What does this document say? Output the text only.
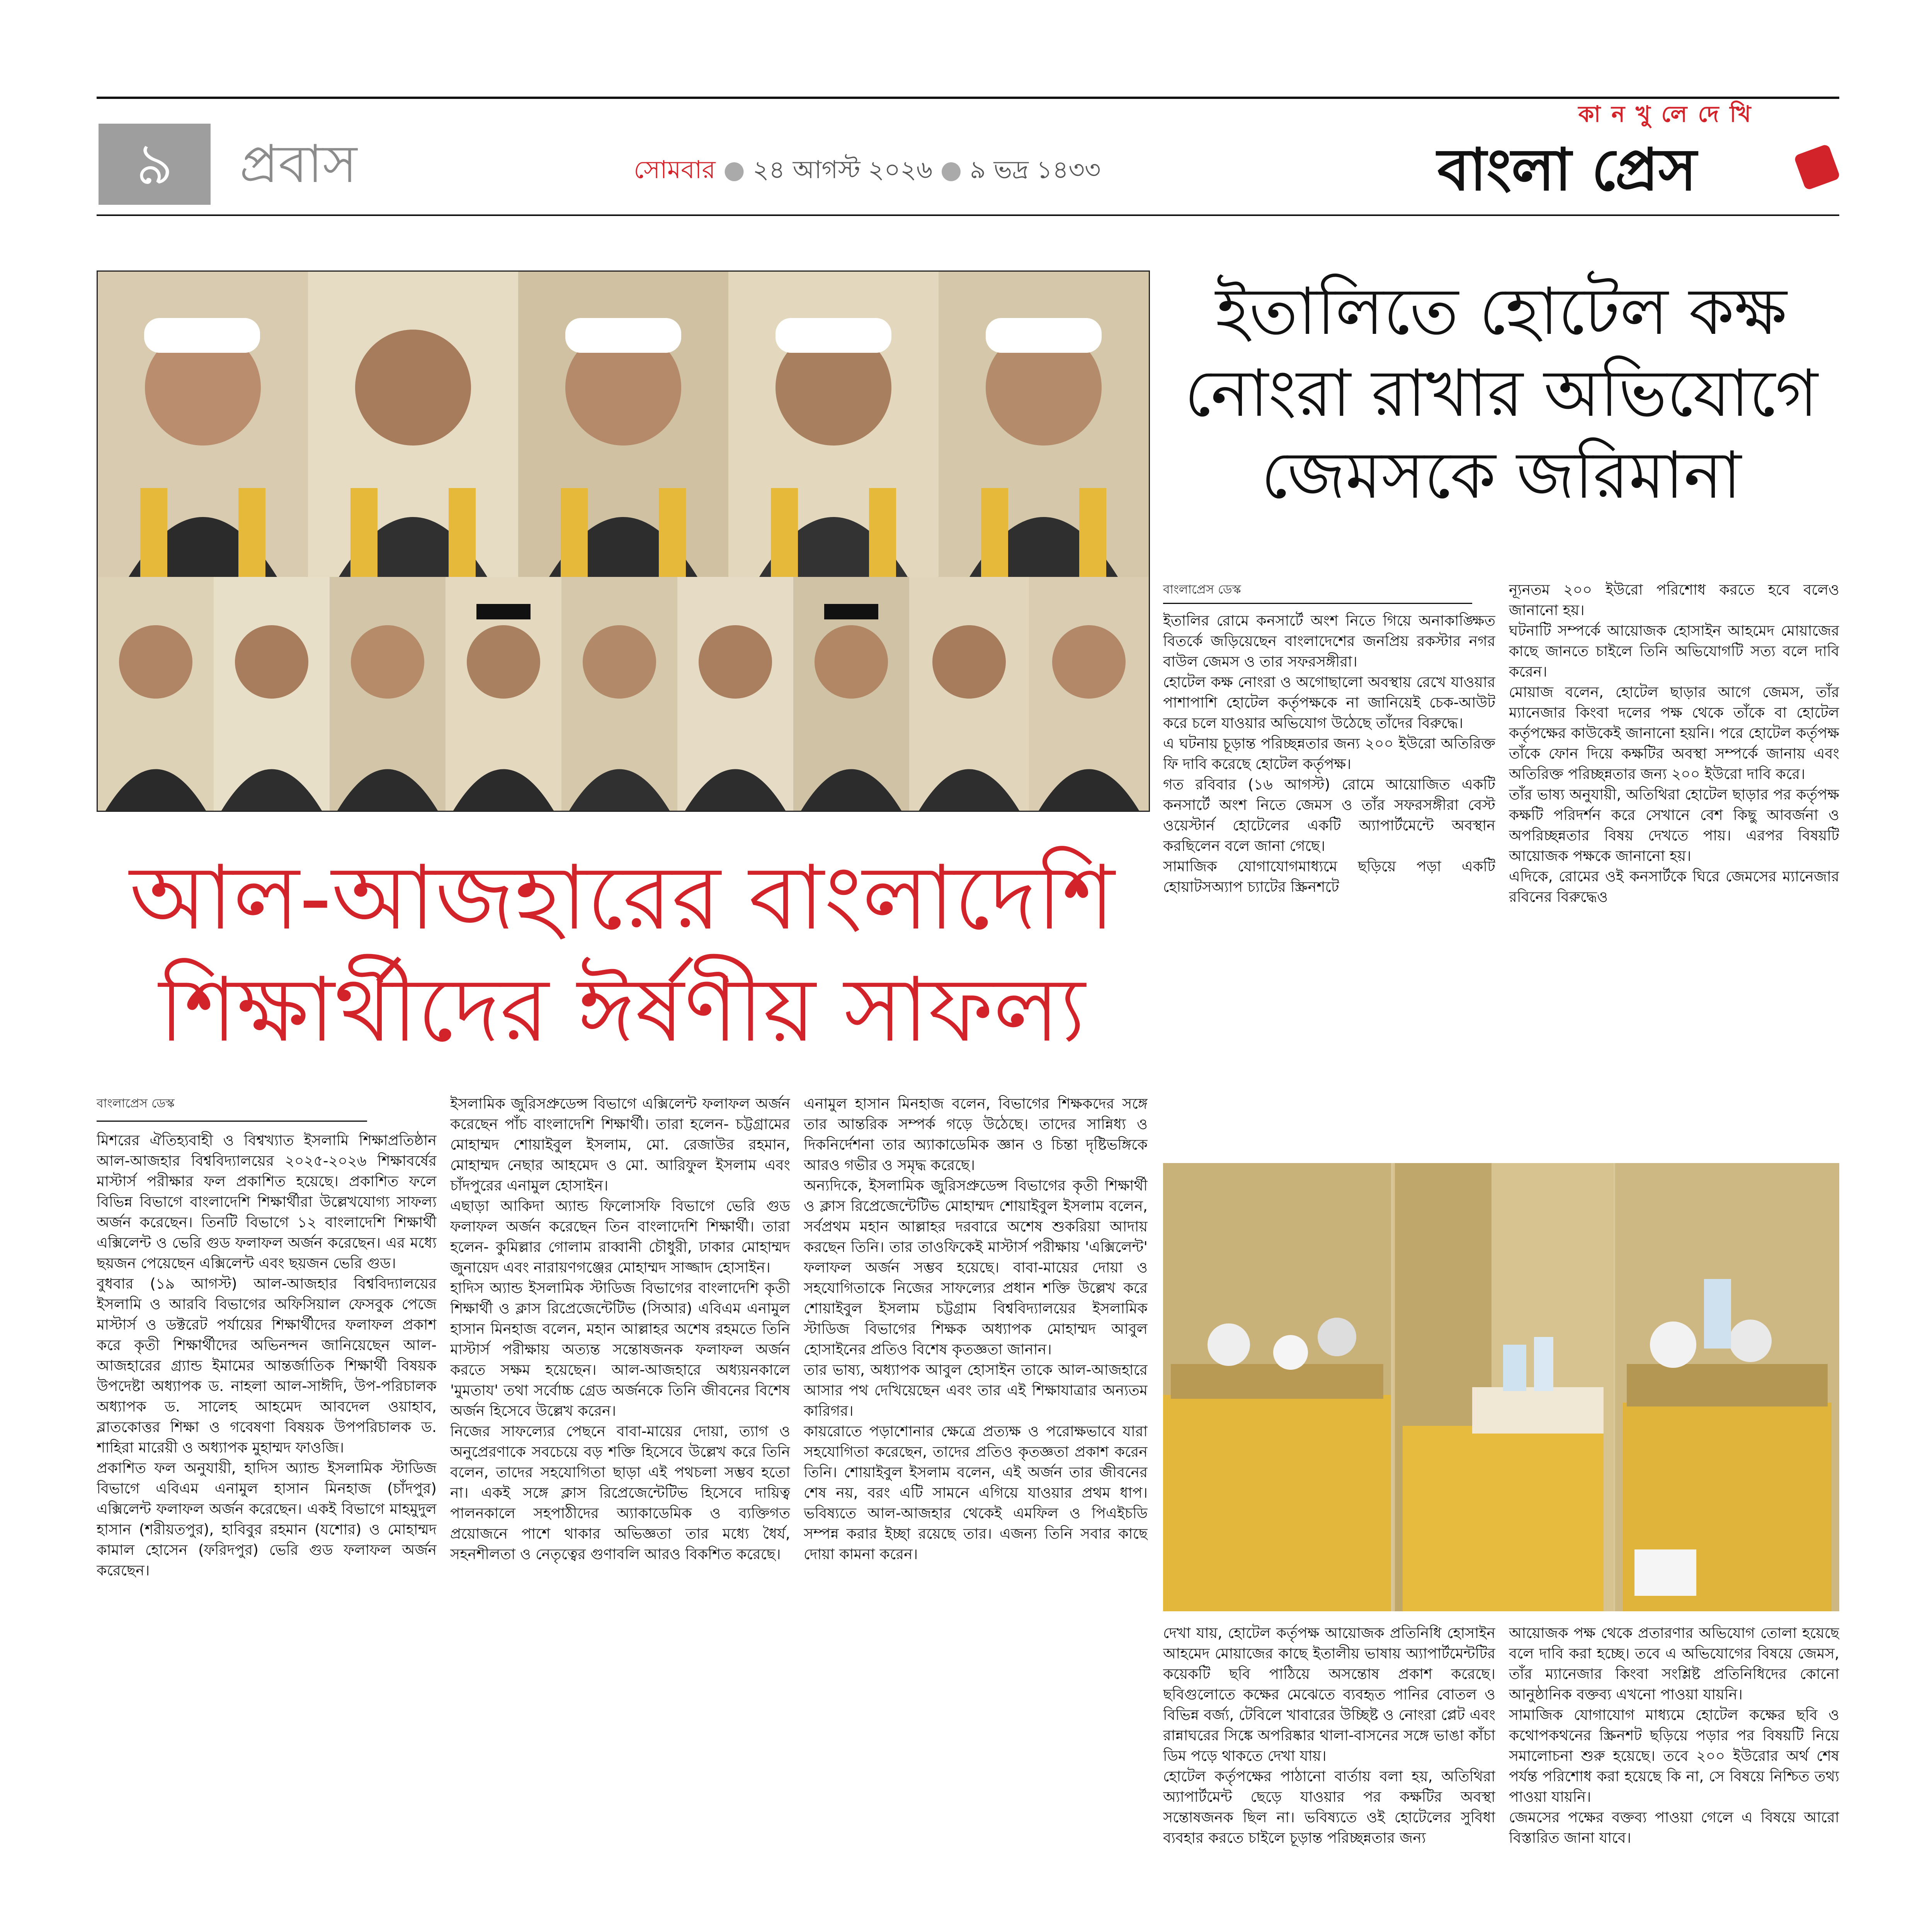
৯	প্রবাস	সোমবার ● ২৪ আগস্ট ২০২৬ ● ৯ ভদ্র ১৪৩৩
কা ন খু লে দে খি
বাংলা প্রেস
আল-আজহারের বাংলাদেশি
শিক্ষার্থীদের ঈর্ষণীয় সাফল্য
বাংলাপ্রেস ডেস্ক

মিশরের ঐতিহ্যবাহী ও বিশ্বখ্যাত ইসলামি শিক্ষাপ্রতিষ্ঠান আল-আজহার বিশ্ববিদ্যালয়ের ২০২৫-২০২৬ শিক্ষাবর্ষের মাস্টার্স পরীক্ষার ফল প্রকাশিত হয়েছে। প্রকাশিত ফলে বিভিন্ন বিভাগে বাংলাদেশি শিক্ষার্থীরা উল্লেখযোগ্য সাফল্য অর্জন করেছেন। তিনটি বিভাগে ১২ বাংলাদেশি শিক্ষার্থী এক্সিলেন্ট ও ভেরি গুড ফলাফল অর্জন করেছেন। এর মধ্যে ছয়জন পেয়েছেন এক্সিলেন্ট এবং ছয়জন ভেরি গুড।

বুধবার (১৯ আগস্ট) আল-আজহার বিশ্ববিদ্যালয়ের ইসলামি ও আরবি বিভাগের অফিসিয়াল ফেসবুক পেজে মাস্টার্স ও ডক্টরেট পর্যায়ের শিক্ষার্থীদের ফলাফল প্রকাশ করে কৃতী শিক্ষার্থীদের অভিনন্দন জানিয়েছেন আল-আজহারের গ্র্যান্ড ইমামের আন্তর্জাতিক শিক্ষার্থী বিষয়ক উপদেষ্টা অধ্যাপক ড. নাহলা আল-সাঈদি, উপ-পরিচালক অধ্যাপক ড. সালেহ আহমেদ আবদেল ওয়াহাব, ব্লাতকোত্তর শিক্ষা ও গবেষণা বিষয়ক উপপরিচালক ড. শাহিরা মারেয়ী ও অধ্যাপক মুহাম্মদ ফাওজি।

প্রকাশিত ফল অনুযায়ী, হাদিস অ্যান্ড ইসলামিক স্টাডিজ বিভাগে এবিএম এনামুল হাসান মিনহাজ (চাঁদপুর) এক্সিলেন্ট ফলাফল অর্জন করেছেন। একই বিভাগে মাহমুদুল হাসান (শরীয়তপুর), হাবিবুর রহমান (যশোর) ও মোহাম্মদ কামাল হোসেন (ফরিদপুর) ভেরি গুড ফলাফল অর্জন করেছেন।

ইসলামিক জুরিসপ্রুডেন্স বিভাগে এক্সিলেন্ট ফলাফল অর্জন করেছেন পাঁচ বাংলাদেশি শিক্ষার্থী। তারা হলেন- চট্টগ্রামের মোহাম্মদ শোয়াইবুল ইসলাম, মো. রেজাউর রহমান, মোহাম্মদ নেছার আহমেদ ও মো. আরিফুল ইসলাম এবং চাঁদপুরের এনামুল হোসাইন।

এছাড়া আকিদা অ্যান্ড ফিলোসফি বিভাগে ভেরি গুড ফলাফল অর্জন করেছেন তিন বাংলাদেশি শিক্ষার্থী। তারা হলেন- কুমিল্লার গোলাম রাব্বানী চৌধুরী, ঢাকার মোহাম্মদ জুনায়েদ এবং নারায়ণগঞ্জের মোহাম্মদ সাজ্জাদ হোসাইন।

হাদিস অ্যান্ড ইসলামিক স্টাডিজ বিভাগের বাংলাদেশি কৃতী শিক্ষার্থী ও ক্লাস রিপ্রেজেন্টেটিভ (সিআর) এবিএম এনামুল হাসান মিনহাজ বলেন, মহান আল্লাহর অশেষ রহমতে তিনি মাস্টার্স পরীক্ষায় অত্যন্ত সন্তোষজনক ফলাফল অর্জন করতে সক্ষম হয়েছেন। আল-আজহারে অধ্যয়নকালে 'মুমতায' তথা সর্বোচ্চ গ্রেড অর্জনকে তিনি জীবনের বিশেষ অর্জন হিসেবে উল্লেখ করেন।

নিজের সাফল্যের পেছনে বাবা-মায়ের দোয়া, ত্যাগ ও অনুপ্রেরণাকে সবচেয়ে বড় শক্তি হিসেবে উল্লেখ করে তিনি বলেন, তাদের সহযোগিতা ছাড়া এই পথচলা সম্ভব হতো না। একই সঙ্গে ক্লাস রিপ্রেজেন্টেটিভ হিসেবে দায়িত্ব পালনকালে সহপাঠীদের অ্যাকাডেমিক ও ব্যক্তিগত প্রয়োজনে পাশে থাকার অভিজ্ঞতা তার মধ্যে ধৈর্য, সহনশীলতা ও নেতৃত্বের গুণাবলি আরও বিকশিত করেছে।

এনামুল হাসান মিনহাজ বলেন, বিভাগের শিক্ষকদের সঙ্গে তার আন্তরিক সম্পর্ক গড়ে উঠেছে। তাদের সান্নিধ্য ও দিকনির্দেশনা তার অ্যাকাডেমিক জ্ঞান ও চিন্তা দৃষ্টিভঙ্গিকে আরও গভীর ও সমৃদ্ধ করেছে।

অন্যদিকে, ইসলামিক জুরিসপ্রুডেন্স বিভাগের কৃতী শিক্ষার্থী ও ক্লাস রিপ্রেজেন্টেটিভ মোহাম্মদ শোয়াইবুল ইসলাম বলেন, সর্বপ্রথম মহান আল্লাহর দরবারে অশেষ শুকরিয়া আদায় করছেন তিনি। তার তাওফিকেই মাস্টার্স পরীক্ষায় 'এক্সিলেন্ট' ফলাফল অর্জন সম্ভব হয়েছে। বাবা-মায়ের দোয়া ও সহযোগিতাকে নিজের সাফল্যের প্রধান শক্তি উল্লেখ করে শোয়াইবুল ইসলাম চট্টগ্রাম বিশ্ববিদ্যালয়ের ইসলামিক স্টাডিজ বিভাগের শিক্ষক অধ্যাপক মোহাম্মদ আবুল হোসাইনের প্রতিও বিশেষ কৃতজ্ঞতা জানান।

তার ভাষ্য, অধ্যাপক আবুল হোসাইন তাকে আল-আজহারে আসার পথ দেখিয়েছেন এবং তার এই শিক্ষাযাত্রার অন্যতম কারিগর।

কায়রোতে পড়াশোনার ক্ষেত্রে প্রত্যক্ষ ও পরোক্ষভাবে যারা সহযোগিতা করেছেন, তাদের প্রতিও কৃতজ্ঞতা প্রকাশ করেন তিনি। শোয়াইবুল ইসলাম বলেন, এই অর্জন তার জীবনের শেষ নয়, বরং এটি সামনে এগিয়ে যাওয়ার প্রথম ধাপ। ভবিষ্যতে আল-আজহার থেকেই এমফিল ও পিএইচডি সম্পন্ন করার ইচ্ছা রয়েছে তার। এজন্য তিনি সবার কাছে দোয়া কামনা করেন।

ইতালিতে হোটেল কক্ষ
নোংরা রাখার অভিযোগে
জেমসকে জরিমানা
বাংলাপ্রেস ডেস্ক

ইতালির রোমে কনসার্টে অংশ নিতে গিয়ে অনাকাঙ্ক্ষিত বিতর্কে জড়িয়েছেন বাংলাদেশের জনপ্রিয় রকস্টার নগর বাউল জেমস ও তার সফরসঙ্গীরা।

হোটেল কক্ষ নোংরা ও অগোছালো অবস্থায় রেখে যাওয়ার পাশাপাশি হোটেল কর্তৃপক্ষকে না জানিয়েই চেক-আউট করে চলে যাওয়ার অভিযোগ উঠেছে তাঁদের বিরুদ্ধে।

এ ঘটনায় চূড়ান্ত পরিচ্ছন্নতার জন্য ২০০ ইউরো অতিরিক্ত ফি দাবি করেছে হোটেল কর্তৃপক্ষ।

গত রবিবার (১৬ আগস্ট) রোমে আয়োজিত একটি কনসার্টে অংশ নিতে জেমস ও তাঁর সফরসঙ্গীরা বেস্ট ওয়েস্টার্ন হোটেলের একটি অ্যাপার্টমেন্টে অবস্থান করছিলেন বলে জানা গেছে।

সামাজিক যোগাযোগমাধ্যমে ছড়িয়ে পড়া একটি হোয়াটসঅ্যাপ চ্যাটের স্ক্রিনশটে

ন্যূনতম ২০০ ইউরো পরিশোধ করতে হবে বলেও জানানো হয়।

ঘটনাটি সম্পর্কে আয়োজক হোসাইন আহমেদ মোয়াজের কাছে জানতে চাইলে তিনি অভিযোগটি সত্য বলে দাবি করেন।

মোয়াজ বলেন, হোটেল ছাড়ার আগে জেমস, তাঁর ম্যানেজার কিংবা দলের পক্ষ থেকে তাঁকে বা হোটেল কর্তৃপক্ষের কাউকেই জানানো হয়নি। পরে হোটেল কর্তৃপক্ষ তাঁকে ফোন দিয়ে কক্ষটির অবস্থা সম্পর্কে জানায় এবং অতিরিক্ত পরিচ্ছন্নতার জন্য ২০০ ইউরো দাবি করে।

তাঁর ভাষ্য অনুযায়ী, অতিথিরা হোটেল ছাড়ার পর কর্তৃপক্ষ কক্ষটি পরিদর্শন করে সেখানে বেশ কিছু আবর্জনা ও অপরিচ্ছন্নতার বিষয় দেখতে পায়। এরপর বিষয়টি আয়োজক পক্ষকে জানানো হয়।

এদিকে, রোমের ওই কনসার্টকে ঘিরে জেমসের ম্যানেজার রবিনের বিরুদ্ধেও

দেখা যায়, হোটেল কর্তৃপক্ষ আয়োজক প্রতিনিধি হোসাইন আহমেদ মোয়াজের কাছে ইতালীয় ভাষায় অ্যাপার্টমেন্টটির কয়েকটি ছবি পাঠিয়ে অসন্তোষ প্রকাশ করেছে। ছবিগুলোতে কক্ষের মেঝেতে ব্যবহৃত পানির বোতল ও বিভিন্ন বর্জ্য, টেবিলে খাবারের উচ্ছিষ্ট ও নোংরা প্লেট এবং রান্নাঘরের সিঙ্কে অপরিষ্কার থালা-বাসনের সঙ্গে ভাঙা কাঁচা ডিম পড়ে থাকতে দেখা যায়।

হোটেল কর্তৃপক্ষের পাঠানো বার্তায় বলা হয়, অতিথিরা অ্যাপার্টমেন্ট ছেড়ে যাওয়ার পর কক্ষটির অবস্থা সন্তোষজনক ছিল না। ভবিষ্যতে ওই হোটেলের সুবিধা ব্যবহার করতে চাইলে চূড়ান্ত পরিচ্ছন্নতার জন্য

আয়োজক পক্ষ থেকে প্রতারণার অভিযোগ তোলা হয়েছে বলে দাবি করা হচ্ছে। তবে এ অভিযোগের বিষয়ে জেমস, তাঁর ম্যানেজার কিংবা সংশ্লিষ্ট প্রতিনিধিদের কোনো আনুষ্ঠানিক বক্তব্য এখনো পাওয়া যায়নি।

সামাজিক যোগাযোগ মাধ্যমে হোটেল কক্ষের ছবি ও কথোপকথনের স্ক্রিনশট ছড়িয়ে পড়ার পর বিষয়টি নিয়ে সমালোচনা শুরু হয়েছে। তবে ২০০ ইউরোর অর্থ শেষ পর্যন্ত পরিশোধ করা হয়েছে কি না, সে বিষয়ে নিশ্চিত তথ্য পাওয়া যায়নি।

জেমসের পক্ষের বক্তব্য পাওয়া গেলে এ বিষয়ে আরো বিস্তারিত জানা যাবে।
